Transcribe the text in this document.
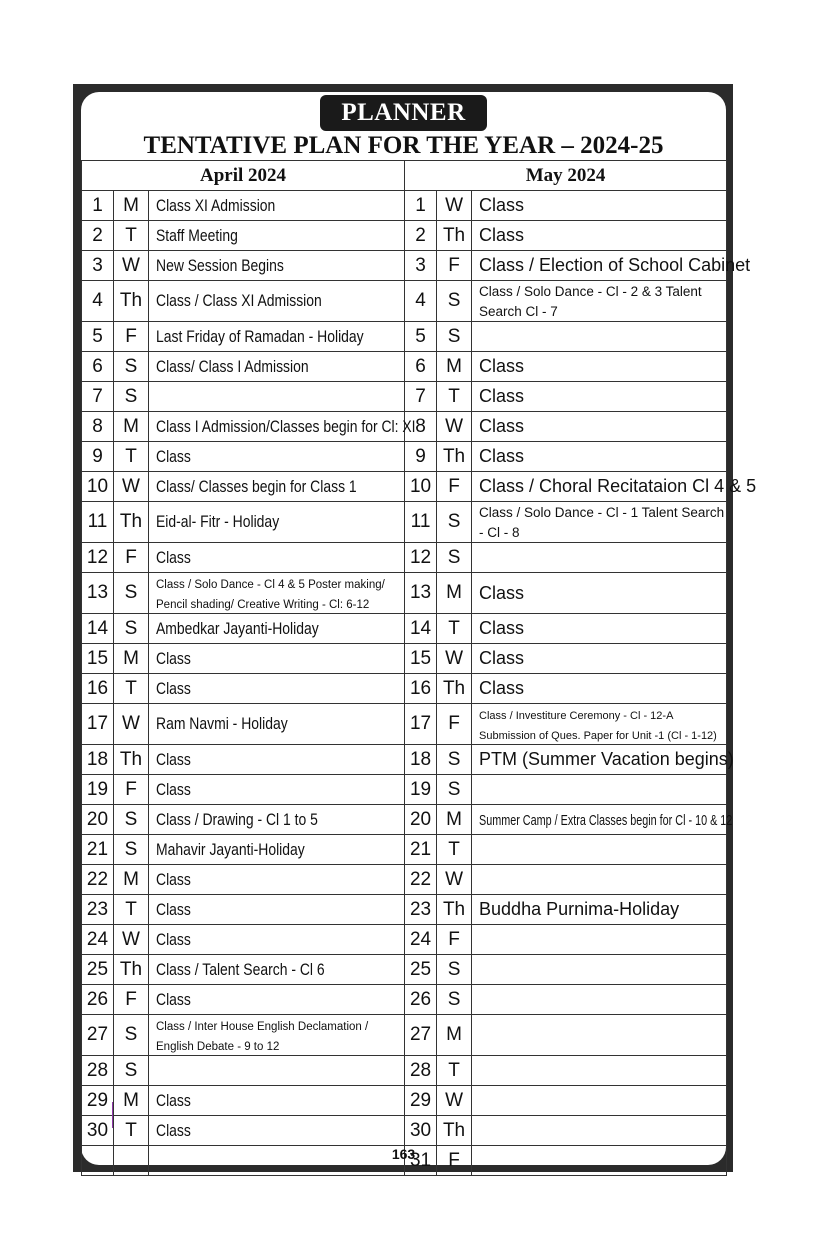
PLANNER
TENTATIVE PLAN FOR THE YEAR – 2024-25
April 2024			May 2024		
1	M	Class XI Admission	1	W	Class
2	T	Staff Meeting	2	Th	Class
3	W	New Session Begins	3	F	Class / Election of School Cabinet
4	Th	Class / Class XI Admission	4	S	Class / Solo Dance - Cl - 2 & 3 Talent Search Cl - 7
5	F	Last Friday of Ramadan - Holiday	5	S	
6	S	Class/ Class I Admission	6	M	Class
7	S		7	T	Class
8	M	Class I Admission/Classes begin for Cl: XI	8	W	Class
9	T	Class	9	Th	Class
10	W	Class/ Classes begin for Class 1	10	F	Class / Choral Recitataion Cl 4 & 5
11	Th	Eid-al- Fitr - Holiday	11	S	Class / Solo Dance - Cl - 1 Talent Search - Cl - 8
12	F	Class	12	S	
13	S	Class / Solo Dance - Cl 4 & 5 Poster making/ Pencil shading/ Creative Writing - Cl: 6-12	13	M	Class
14	S	Ambedkar Jayanti-Holiday	14	T	Class
15	M	Class	15	W	Class
16	T	Class	16	Th	Class
17	W	Ram Navmi - Holiday	17	F	Class / Investiture Ceremony - Cl - 12-A Submission of Ques. Paper for Unit -1 (Cl - 1-12)
18	Th	Class	18	S	PTM (Summer Vacation begins)
19	F	Class	19	S	
20	S	Class / Drawing - Cl 1 to 5	20	M	Summer Camp / Extra Classes begin for Cl - 10 & 12
21	S	Mahavir Jayanti-Holiday	21	T	
22	M	Class	22	W	
23	T	Class	23	Th	Buddha Purnima-Holiday
24	W	Class	24	F	
25	Th	Class / Talent Search - Cl 6	25	S	
26	F	Class	26	S	
27	S	Class / Inter House English Declamation / English Debate - 9 to 12	27	M	
28	S		28	T	
29	M	Class	29	W	
30	T	Class	30	Th	
			31	F	
163
